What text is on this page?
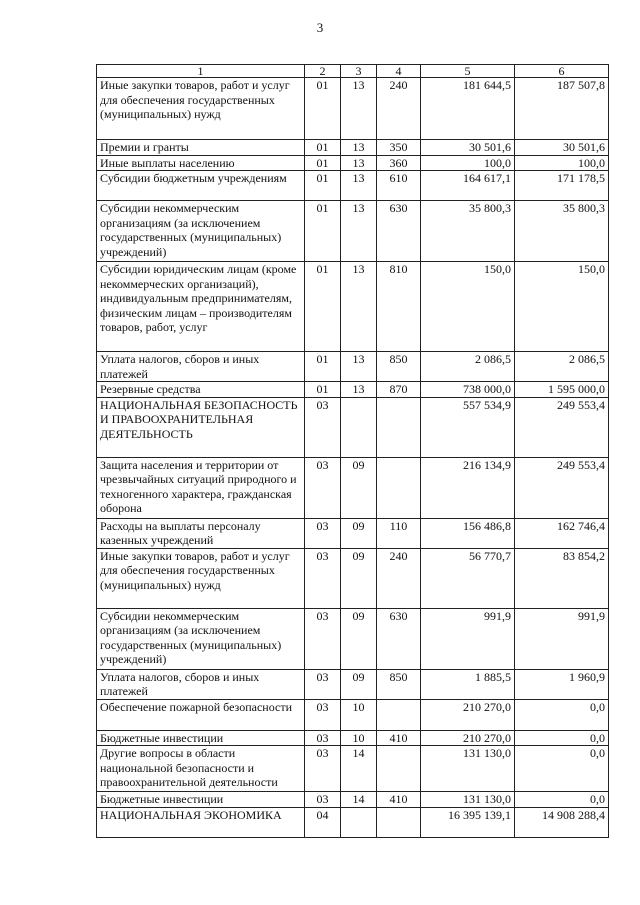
3
1	2	3	4	5	6
Иные закупки товаров, работ и услуг для обеспечения государственных (муниципальных) нужд	01	13	240	181 644,5	187 507,8
Премии и гранты	01	13	350	30 501,6	30 501,6
Иные выплаты населению	01	13	360	100,0	100,0
Субсидии бюджетным учреждениям	01	13	610	164 617,1	171 178,5
Субсидии некоммерческим организациям (за исключением государственных (муниципальных) учреждений)	01	13	630	35 800,3	35 800,3
Субсидии юридическим лицам (кроме некоммерческих организаций), индивидуальным предпринимателям, физическим лицам – производителям товаров, работ, услуг	01	13	810	150,0	150,0
Уплата налогов, сборов и иных платежей	01	13	850	2 086,5	2 086,5
Резервные средства	01	13	870	738 000,0	1 595 000,0
НАЦИОНАЛЬНАЯ БЕЗОПАСНОСТЬ И ПРАВООХРАНИТЕЛЬНАЯ ДЕЯТЕЛЬНОСТЬ	03			557 534,9	249 553,4
Защита населения и территории от чрезвычайных ситуаций природного и техногенного характера, гражданская оборона	03	09		216 134,9	249 553,4
Расходы на выплаты персоналу казенных учреждений	03	09	110	156 486,8	162 746,4
Иные закупки товаров, работ и услуг для обеспечения государственных (муниципальных) нужд	03	09	240	56 770,7	83 854,2
Субсидии некоммерческим организациям (за исключением государственных (муниципальных) учреждений)	03	09	630	991,9	991,9
Уплата налогов, сборов и иных платежей	03	09	850	1 885,5	1 960,9
Обеспечение пожарной безопасности	03	10		210 270,0	0,0
Бюджетные инвестиции	03	10	410	210 270,0	0,0
Другие вопросы в области национальной безопасности и правоохранительной деятельности	03	14		131 130,0	0,0
Бюджетные инвестиции	03	14	410	131 130,0	0,0
НАЦИОНАЛЬНАЯ ЭКОНОМИКА	04			16 395 139,1	14 908 288,4
